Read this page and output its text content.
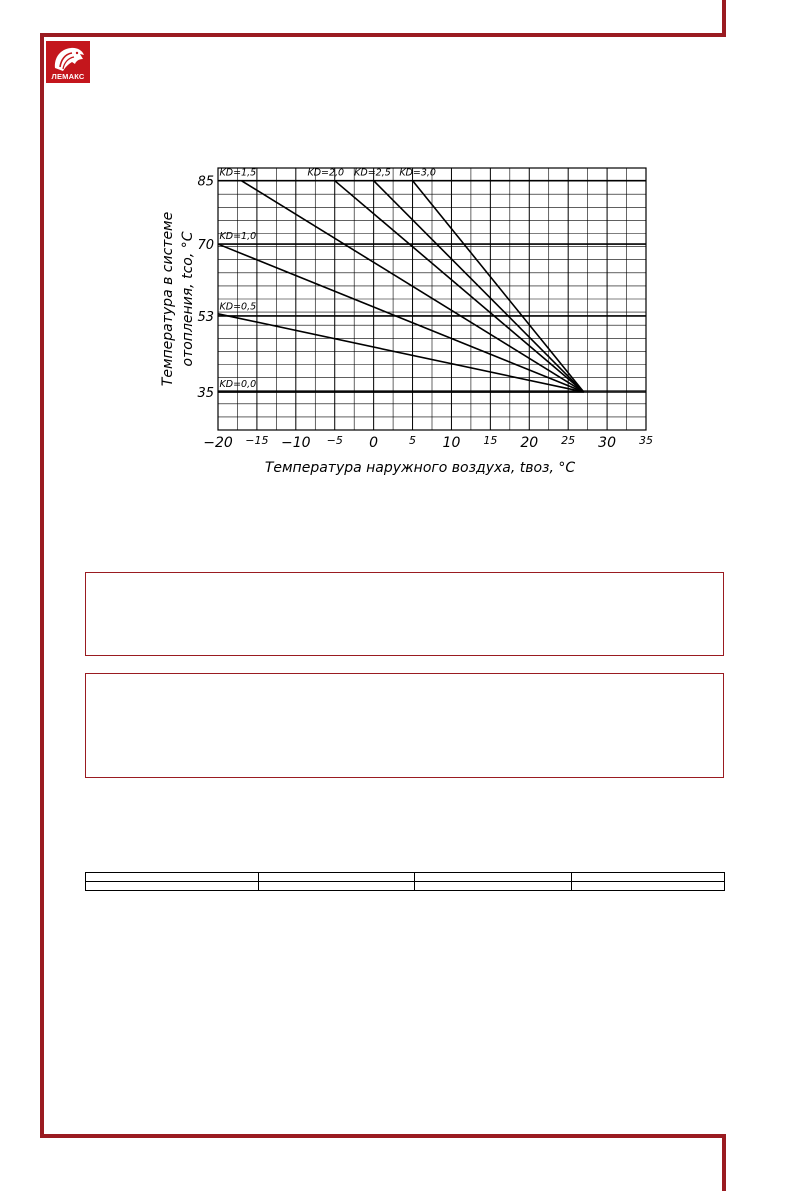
ЛЕМАКС
KD=1,5	KD=2,0 KD=2,5 KD=3,0
KD=1,0
KD=0,5
KD=0,0
−20 −15 −10 −5 0	5 10 15 20 25 30 35
35
53
70
85
Температура в системе отопления, tсо, °С
Температура наружного воздуха, tвоз, °С
